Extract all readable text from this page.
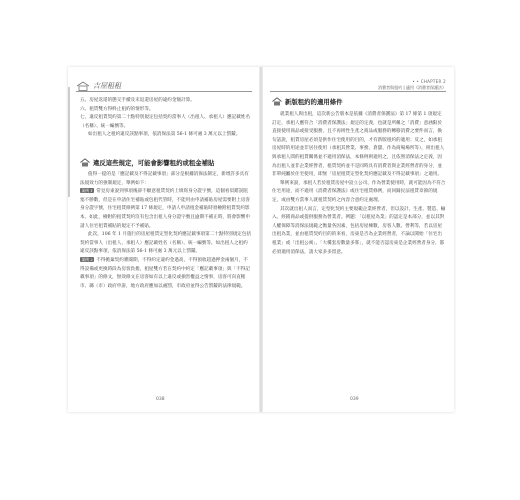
吉屋租租

五、房屋返還的態交手續及未返還房屋的違約金額計算。

六、租賃雙方得終止租約的情形等。

七、違反租賃契約第二十點特別規定包括契約當事人（出租人、承租人）應記載姓名（名稱）、統一編號等。

如出租人之租約違反該點事項，依消保法第 56-1 條可處 3 萬元以上罰鍰。

違反這些規定，可能會影響租約或租金補貼

值得一提的是「應記載及不得記載事項」部分是根據消保法制定，新增許多具有法規效力的強制規定，舉例如下：

案例 1 常見房東說到事項後卻不願意租賃契約上填寫身分證字號，這個看似錯誤阻塞不勝數，但是在申請住宅補貼或包租代管時，不能用由申請補貼房屋需要附上房客身分證字號，住宅租賃條例第 17 條規定，申請人申請租金補貼時須檢附租賃契約影本，如此，檢附的租賃契約沒有包含出租人身分證字號且逾期不補正時，將會影響申請人住宅租賃補貼的規定不予補貼。

此次，106 年 1 月施行的房屋租賃定型化契約應記載事項第二十點特別規定包括契約當事人（出租人、承租人）應記載姓名（名稱）、統一編號等。如出租人之租約違反該點事項，依消保法第 56-1 條可處 3 萬元以上罰鍰。

案例 2 不得拋棄契約審閱期，不得約定違約金過高，不得預收超過押金兩個月，不得設備或更換時段為房客負擔，租屋雙方若在契約中約定「應記載事項」與「不得記載事項」的條文，無效條文在房客如有以上違反或損害權益之情事，房客可向直轄市、縣（市）政府申訴，地方政府應加以處罰，市政府並得公告罰鍰的法律規範。

038
• • CHAPTER 2
消費者與租約 | 適用《消費者保護法》
新版租約的適用條件

就業租人與出租，這次新公告版本是依據《消費者保護法》第 17 條第 1 項規定訂定，承租人應符合「消費者保護法」規定的定義，也就是所稱之「消費」意涵限於直接使用商品或接受服務，且不再則性生產之商品或服務的轉移消費之要件而言，換句話說，租賃房屋必須是供作住宅使用的目的，才有新版租約的適用；反之，如承租房屋時的用途並非居住使用（承租其營業、事務、倉儲、作為商場場所等），則出租人與承租人間的租賃關係並不適用消保法，本條例則適用之，且依照消保法之定義，因為出租人並非企業經營者，租賃契約並不是同時具有消費者與企業經營者的身分，並非單純屬於住宅使用，即無「房屋租賃定型化契約應記載及不得記載事項」之適用。

舉例來說，承租人若於租賃房屋中設立公司、作為營業使用時，就可能因為不符合住宅用途，而不適用《消費者保護法》或住宅租賃條例，而回歸民法租賃章節的規定，或由雙方當事人就租賃契約之內容合意約定處理。

其次就出租人而言，定型化契約主要規範企業經營者，但以設計、生產、製造、輸入、經銷商品或提供服務為營業者。例題：「以租屋為業」的認定是本部分，並以其對人權保障等消保法規範之衡量各因素，包括房屋棟數、房客人數、營利等，若以房屋出租為業，並由租賃契約目的的來看，房東是否為企業經營者，不論以開始「住宅出租業」或「出租公寓」、「大樓套房數量多寡」，就不能否認房東是企業經營者身分，都必須適用消保法，請大家多多留意。

039
